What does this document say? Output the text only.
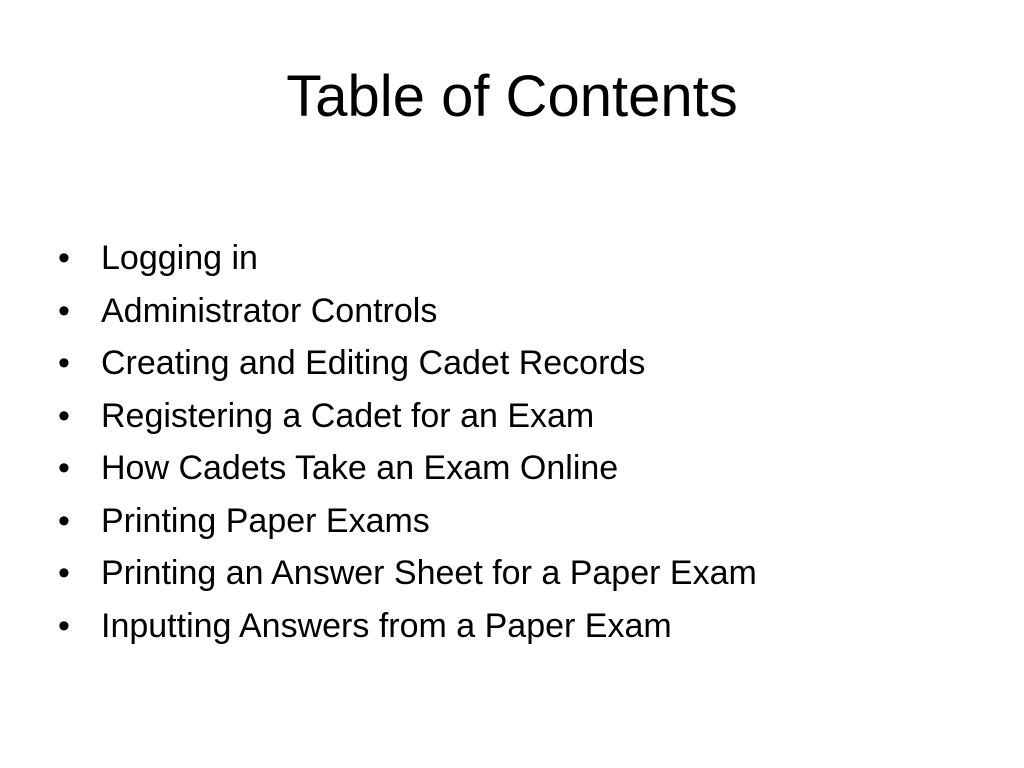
Table of Contents
• Logging in
• Administrator Controls
• Creating and Editing Cadet Records
• Registering a Cadet for an Exam
• How Cadets Take an Exam Online
• Printing Paper Exams
• Printing an Answer Sheet for a Paper Exam
• Inputting Answers from a Paper Exam
